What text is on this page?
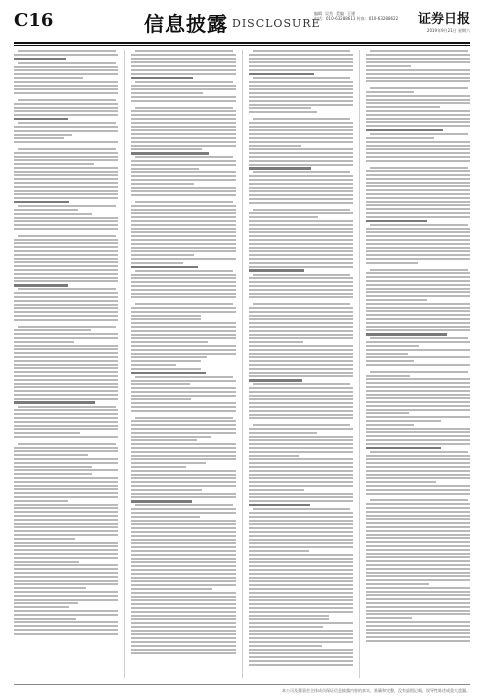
C16	信息披露 DISCLOSURE
编辑 吴杰 美编 王建
电话：010-63288611 传真：010-63288622	证券日报
2019年9月21日 星期六
本公司及董事会全体成员保证信息披露内容的真实、准确和完整，没有虚假记载、误导性陈述或重大遗漏。
